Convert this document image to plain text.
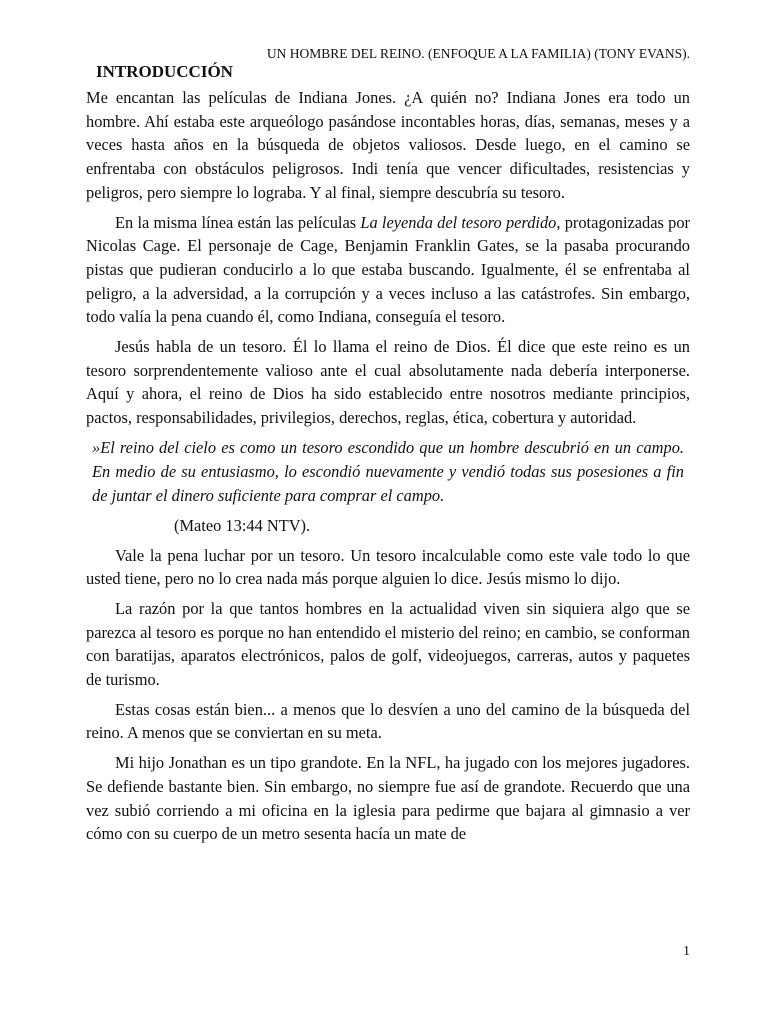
UN HOMBRE DEL REINO. (ENFOQUE A LA FAMILIA) (TONY EVANS).
INTRODUCCIÓN

Me encantan las películas de Indiana Jones. ¿A quién no? Indiana Jones era todo un hombre. Ahí estaba este arqueólogo pasándose incontables horas, días, semanas, meses y a veces hasta años en la búsqueda de objetos valiosos. Desde luego, en el camino se enfrentaba con obstáculos peligrosos. Indi tenía que vencer dificultades, resistencias y peligros, pero siempre lo lograba. Y al final, siempre descubría su tesoro.

En la misma línea están las películas La leyenda del tesoro perdido, protagonizadas por Nicolas Cage. El personaje de Cage, Benjamin Franklin Gates, se la pasaba procurando pistas que pudieran conducirlo a lo que estaba buscando. Igualmente, él se enfrentaba al peligro, a la adversidad, a la corrupción y a veces incluso a las catástrofes. Sin embargo, todo valía la pena cuando él, como Indiana, conseguía el tesoro.

Jesús habla de un tesoro. Él lo llama el reino de Dios. Él dice que este reino es un tesoro sorprendentemente valioso ante el cual absolutamente nada debería interponerse. Aquí y ahora, el reino de Dios ha sido establecido entre nosotros mediante principios, pactos, responsabilidades, privilegios, derechos, reglas, ética, cobertura y autoridad.

»El reino del cielo es como un tesoro escondido que un hombre descubrió en un campo. En medio de su entusiasmo, lo escondió nuevamente y vendió todas sus posesiones a fin de juntar el dinero suficiente para comprar el campo.

(Mateo 13:44 NTV).

Vale la pena luchar por un tesoro. Un tesoro incalculable como este vale todo lo que usted tiene, pero no lo crea nada más porque alguien lo dice. Jesús mismo lo dijo.

La razón por la que tantos hombres en la actualidad viven sin siquiera algo que se parezca al tesoro es porque no han entendido el misterio del reino; en cambio, se conforman con baratijas, aparatos electrónicos, palos de golf, videojuegos, carreras, autos y paquetes de turismo.

Estas cosas están bien... a menos que lo desvíen a uno del camino de la búsqueda del reino. A menos que se conviertan en su meta.

Mi hijo Jonathan es un tipo grandote. En la NFL, ha jugado con los mejores jugadores. Se defiende bastante bien. Sin embargo, no siempre fue así de grandote. Recuerdo que una vez subió corriendo a mi oficina en la iglesia para pedirme que bajara al gimnasio a ver cómo con su cuerpo de un metro sesenta hacía un mate de

1
